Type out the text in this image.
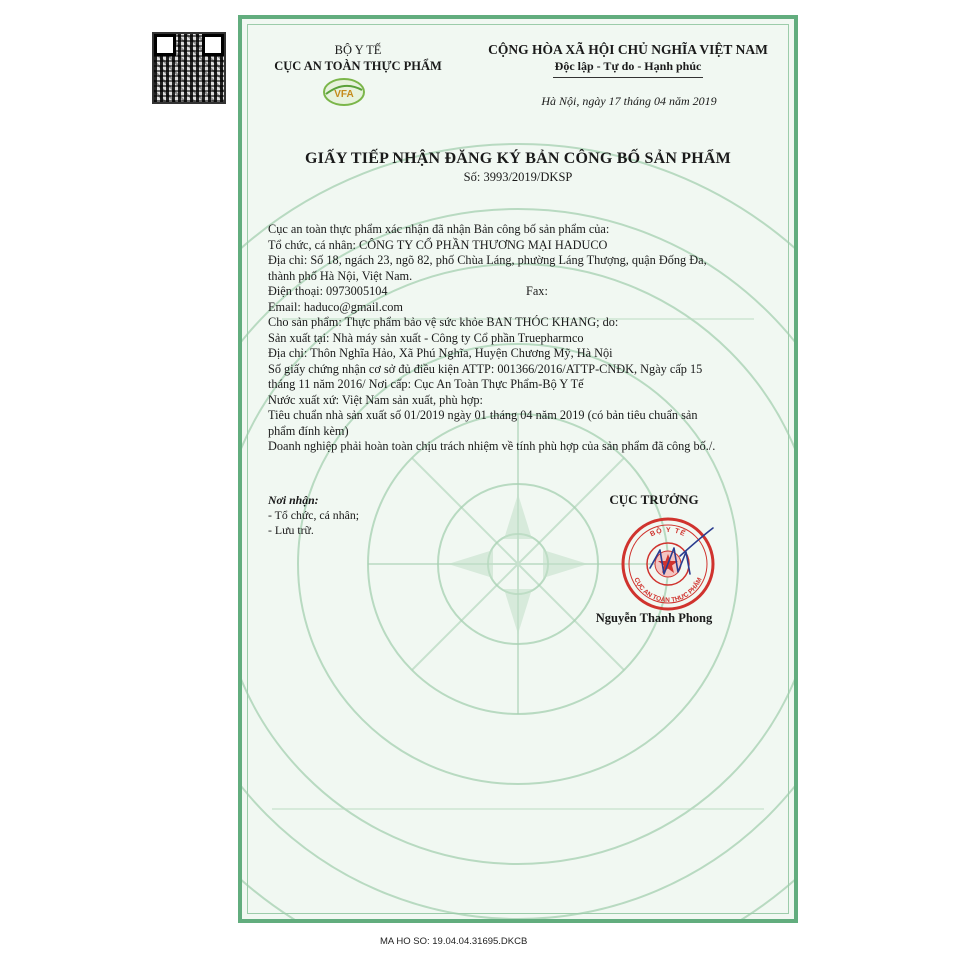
BỘ Y TẾ
CỤC AN TOÀN THỰC PHẨM
VFA
CỘNG HÒA XÃ HỘI CHỦ NGHĨA VIỆT NAM
Độc lập - Tự do - Hạnh phúc
Hà Nội, ngày 17 tháng 04 năm 2019
GIẤY TIẾP NHẬN ĐĂNG KÝ BẢN CÔNG BỐ SẢN PHẨM
Số: 3993/2019/DKSP

Cục an toàn thực phẩm xác nhận đã nhận Bản công bố sản phẩm của:

Tổ chức, cá nhân: CÔNG TY CỔ PHẦN THƯƠNG MẠI HADUCO

Địa chỉ: Số 18, ngách 23, ngõ 82, phố Chùa Láng, phường Láng Thượng, quận Đống Đa,

thành phố Hà Nội, Việt Nam.

Điện thoại: 0973005104	Fax:

Email: haduco@gmail.com

Cho sản phẩm: Thực phẩm bảo vệ sức khỏe BAN THÓC KHANG; do:

Sản xuất tại: Nhà máy sản xuất - Công ty Cổ phần Truepharmco

Địa chỉ: Thôn Nghĩa Hảo, Xã Phú Nghĩa, Huyện Chương Mỹ, Hà Nội

Số giấy chứng nhận cơ sở đủ điều kiện ATTP: 001366/2016/ATTP-CNĐK, Ngày cấp 15

tháng 11 năm 2016/ Nơi cấp: Cục An Toàn Thực Phẩm-Bộ Y Tế

Nước xuất xứ: Việt Nam sản xuất, phù hợp:

Tiêu chuẩn nhà sản xuất số 01/2019 ngày 01 tháng 04 năm 2019 (có bản tiêu chuẩn sản

phẩm đính kèm)

Doanh nghiệp phải hoàn toàn chịu trách nhiệm về tính phù hợp của sản phẩm đã công bố./.

Nơi nhận:
- Tổ chức, cá nhân;
- Lưu trữ.
CỤC TRƯỞNG
BỘ Y TẾ
CỤC AN TOÀN THỰC PHẨM
Nguyễn Thanh Phong
MA HO SO: 19.04.04.31695.DKCB
